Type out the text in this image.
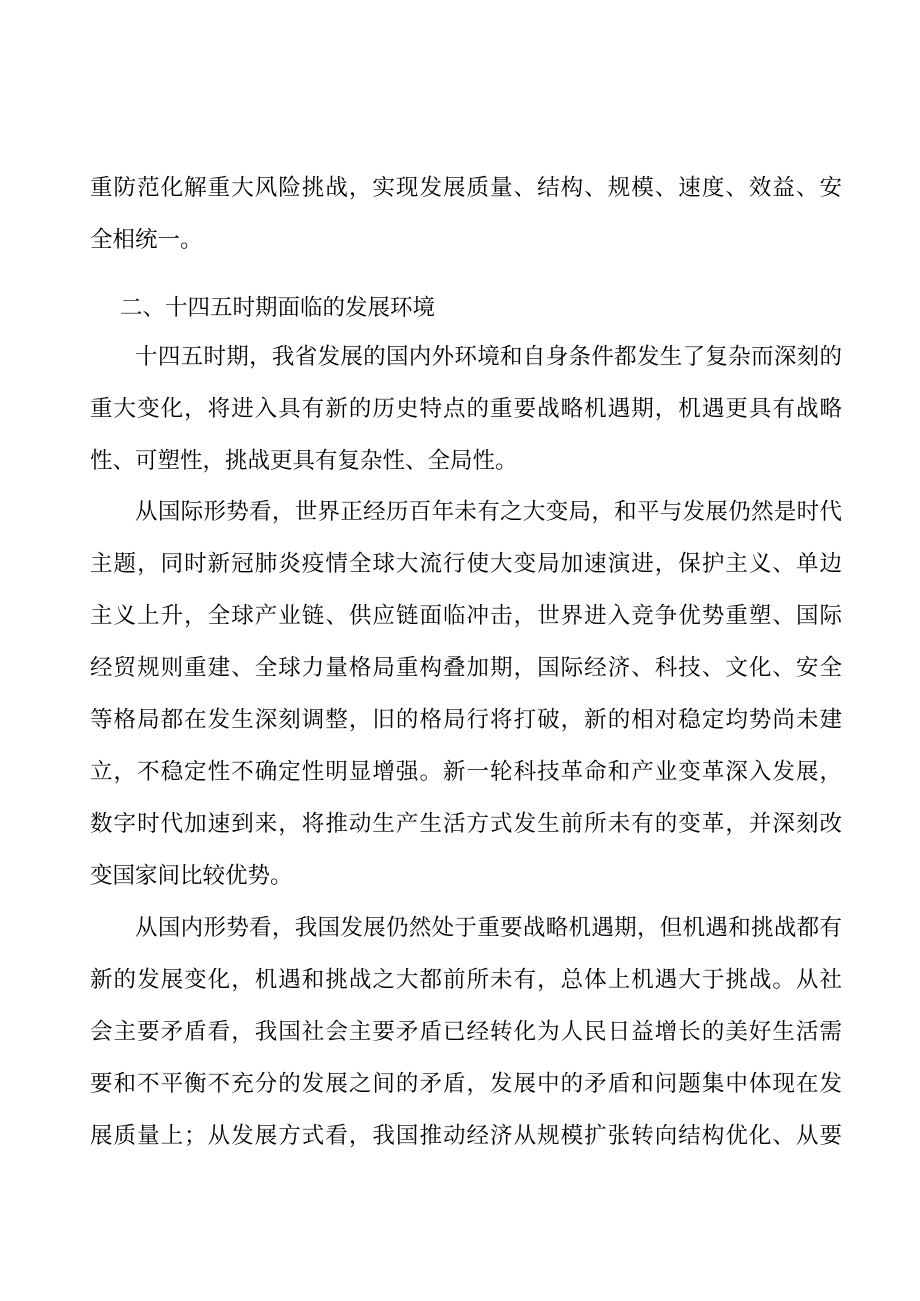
重防范化解重大风险挑战，实现发展质量、结构、规模、速度、效益、安
全相统一。
二、十四五时期面临的发展环境
十四五时期，我省发展的国内外环境和自身条件都发生了复杂而深刻的
重大变化，将进入具有新的历史特点的重要战略机遇期，机遇更具有战略
性、可塑性，挑战更具有复杂性、全局性。
从国际形势看，世界正经历百年未有之大变局，和平与发展仍然是时代
主题，同时新冠肺炎疫情全球大流行使大变局加速演进，保护主义、单边
主义上升，全球产业链、供应链面临冲击，世界进入竞争优势重塑、国际
经贸规则重建、全球力量格局重构叠加期，国际经济、科技、文化、安全
等格局都在发生深刻调整，旧的格局行将打破，新的相对稳定均势尚未建
立，不稳定性不确定性明显增强。新一轮科技革命和产业变革深入发展，
数字时代加速到来，将推动生产生活方式发生前所未有的变革，并深刻改
变国家间比较优势。
从国内形势看，我国发展仍然处于重要战略机遇期，但机遇和挑战都有
新的发展变化，机遇和挑战之大都前所未有，总体上机遇大于挑战。从社
会主要矛盾看，我国社会主要矛盾已经转化为人民日益增长的美好生活需
要和不平衡不充分的发展之间的矛盾，发展中的矛盾和问题集中体现在发
展质量上；从发展方式看，我国推动经济从规模扩张转向结构优化、从要
